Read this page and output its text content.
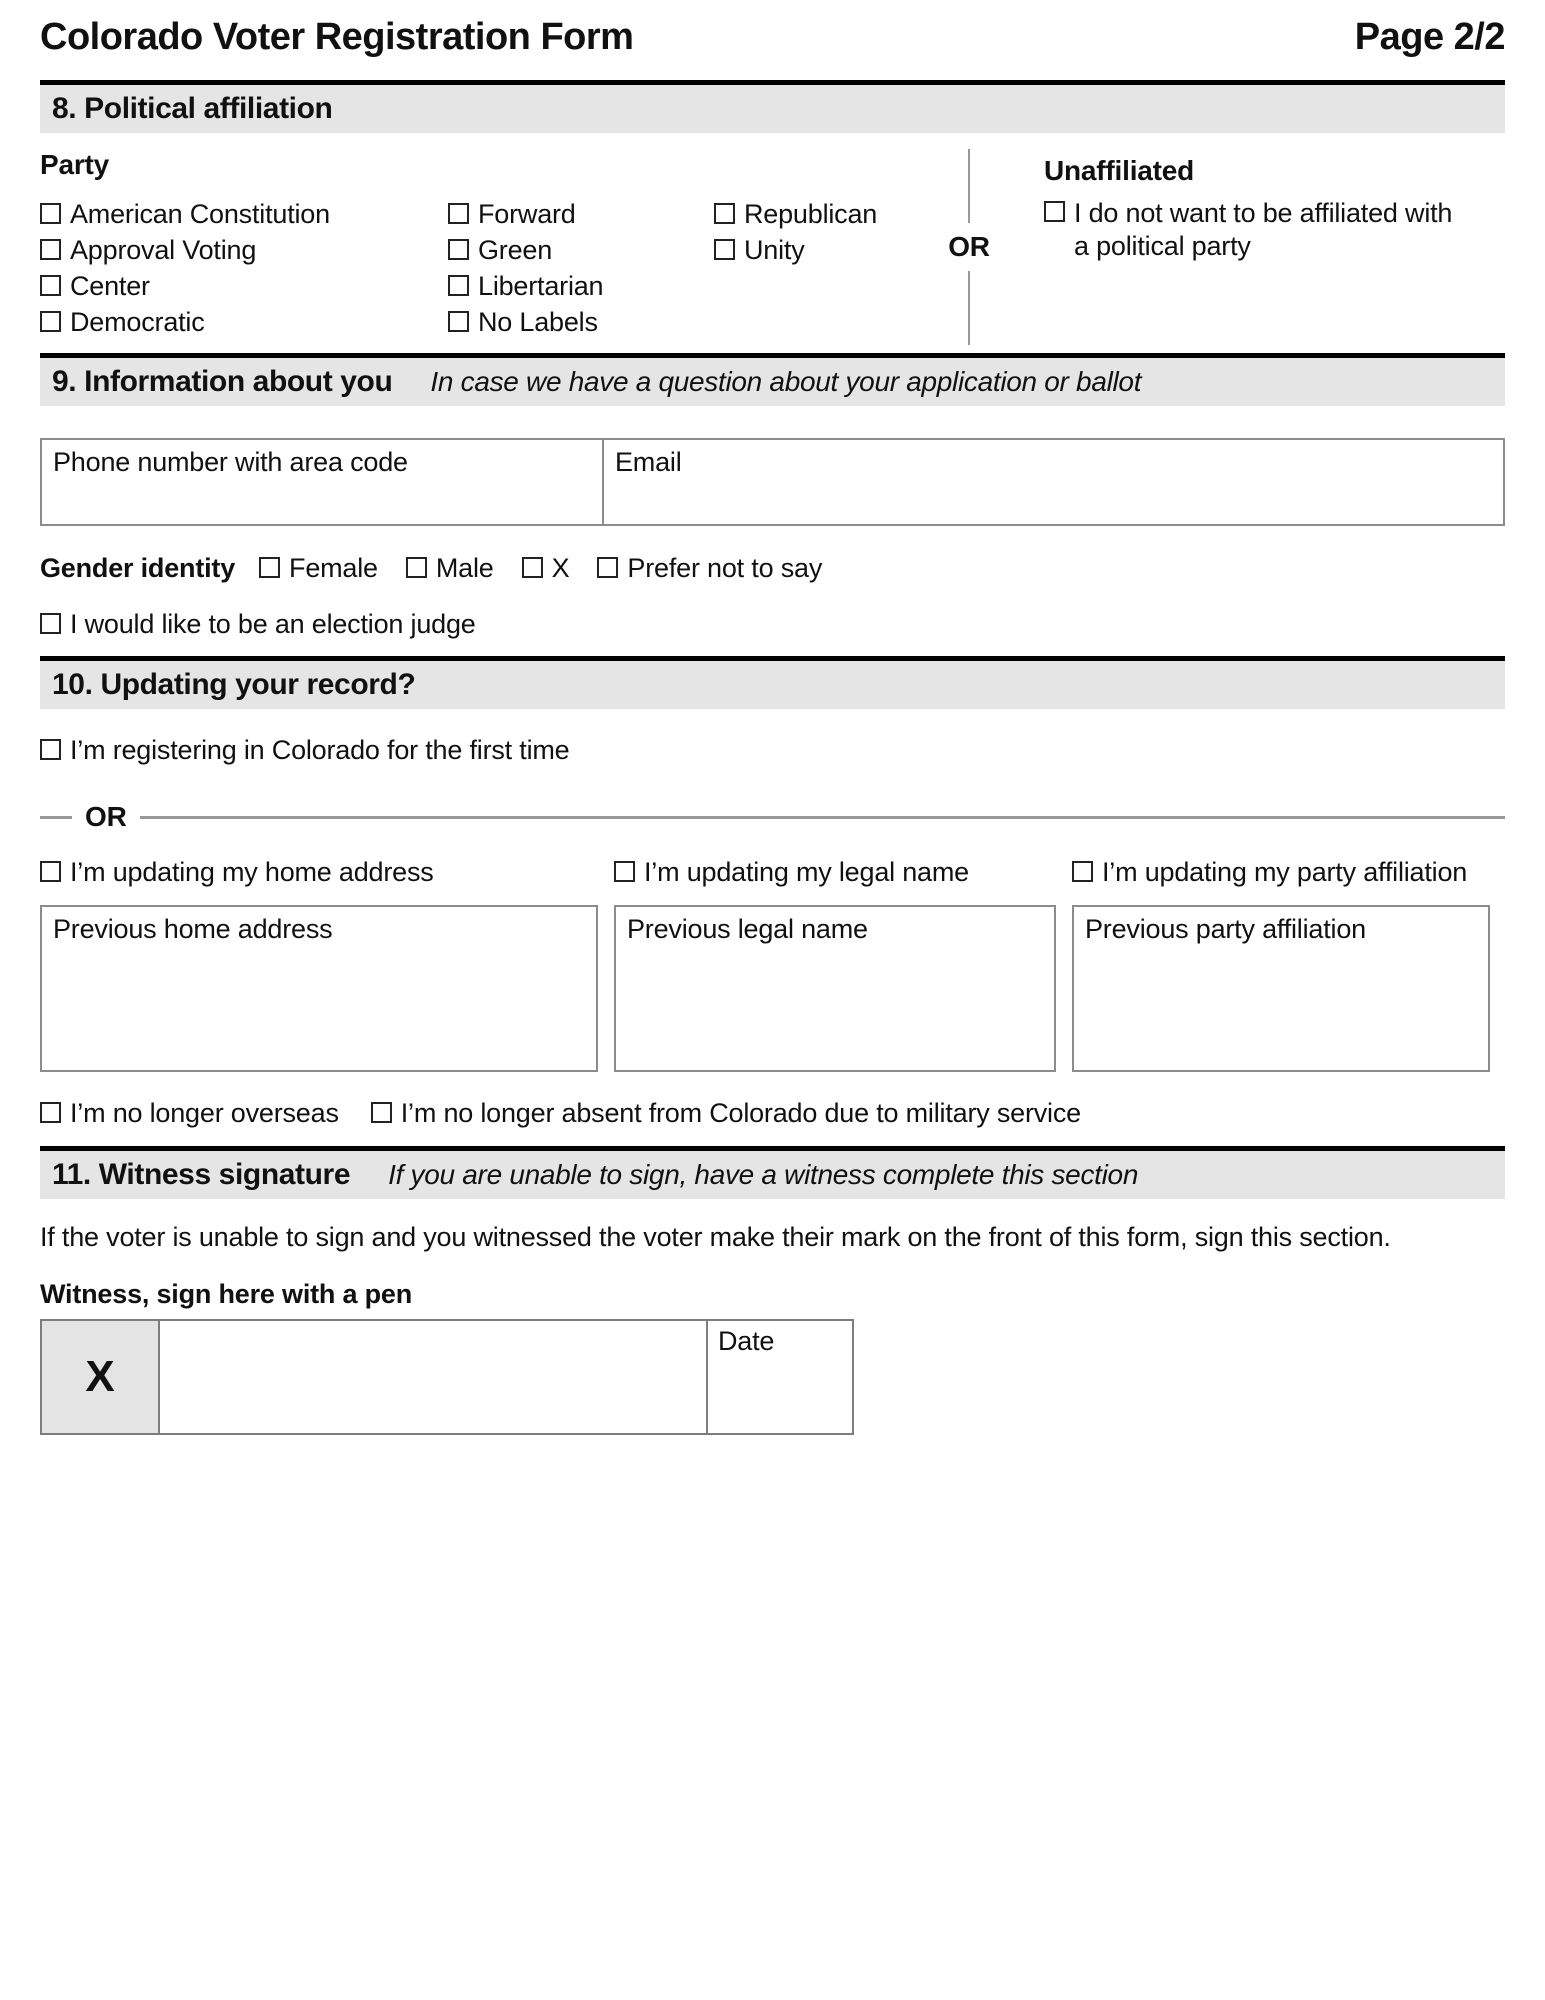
Colorado Voter Registration Form	Page 2/2
8. Political affiliation
Party
American Constitution
Approval Voting
Center
Democratic
Forward
Green
Libertarian
No Labels
Republican
Unity	OR
Unaffiliated
I do not want to be affiliated with a political party
9. Information about you In case we have a question about your application or ballot
Phone number with area code	Email
Gender identity Female Male X Prefer not to say
I would like to be an election judge
10. Updating your record?
I’m registering in Colorado for the first time
OR
I’m updating my home address	I’m updating my legal name	I’m updating my party affiliation
Previous home address	Previous legal name	Previous party affiliation
I’m no longer overseas I’m no longer absent from Colorado due to military service
11. Witness signature If you are unable to sign, have a witness complete this section

If the voter is unable to sign and you witnessed the voter make their mark on the front of this form, sign this section.

Witness, sign here with a pen
X
Date
